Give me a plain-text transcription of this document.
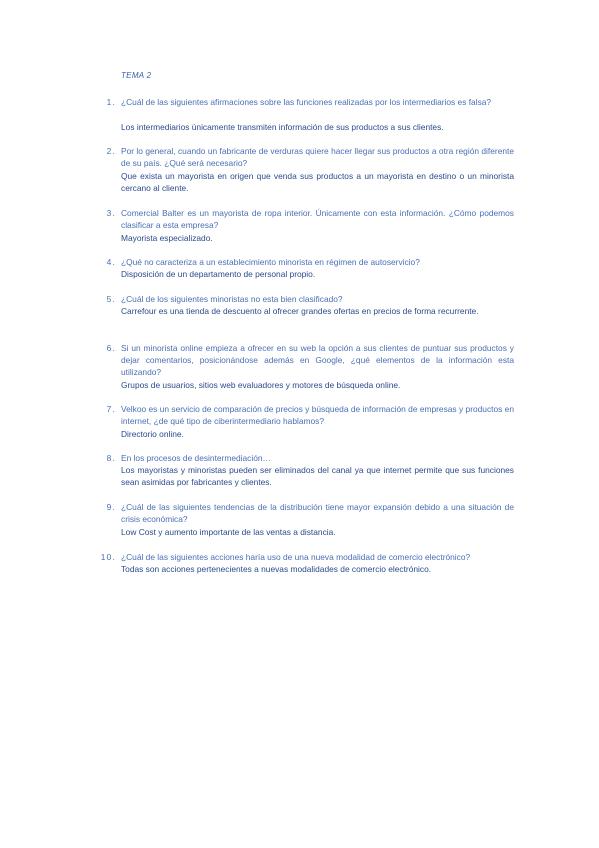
TEMA 2
1. ¿Cuál de las siguientes afirmaciones sobre las funciones realizadas por los intermediarios es falsa?
Los intermediarios únicamente transmiten información de sus productos a sus clientes.
2. Por lo general, cuando un fabricante de verduras quiere hacer llegar sus productos a otra región diferente de su país. ¿Qué será necesario?
Que exista un mayorista en origen que venda sus productos a un mayorista en destino o un minorista cercano al cliente.
3. Comercial Balter es un mayorista de ropa interior. Únicamente con esta información. ¿Cómo podemos clasificar a esta empresa?
Mayorista especializado.
4. ¿Qué no caracteriza a un establecimiento minorista en régimen de autoservicio?
Disposición de un departamento de personal propio.
5. ¿Cuál de los siguientes minoristas no esta bien clasificado?
Carrefour es una tienda de descuento al ofrecer grandes ofertas en precios de forma recurrente.
6. Si un minorista online empieza a ofrecer en su web la opción a sus clientes de puntuar sus productos y dejar comentarios, posicionándose además en Google, ¿qué elementos de la información esta utilizando?
Grupos de usuarios, sitios web evaluadores y motores de búsqueda online.
7. Velkoo es un servicio de comparación de precios y búsqueda de información de empresas y productos en internet, ¿de qué tipo de ciberintermediario hablamos?
Directorio online.
8. En los procesos de desintermediación…
Los mayoristas y minoristas pueden ser eliminados del canal ya que internet permite que sus funciones sean asimidas por fabricantes y clientes.
9. ¿Cuál de las siguientes tendencias de la distribución tiene mayor expansión debido a una situación de crisis económica?
Low Cost y aumento importante de las ventas a distancia.
10. ¿Cuál de las siguientes acciones haría uso de una nueva modalidad de comercio electrónico?
Todas son acciones pertenecientes a nuevas modalidades de comercio electrónico.
